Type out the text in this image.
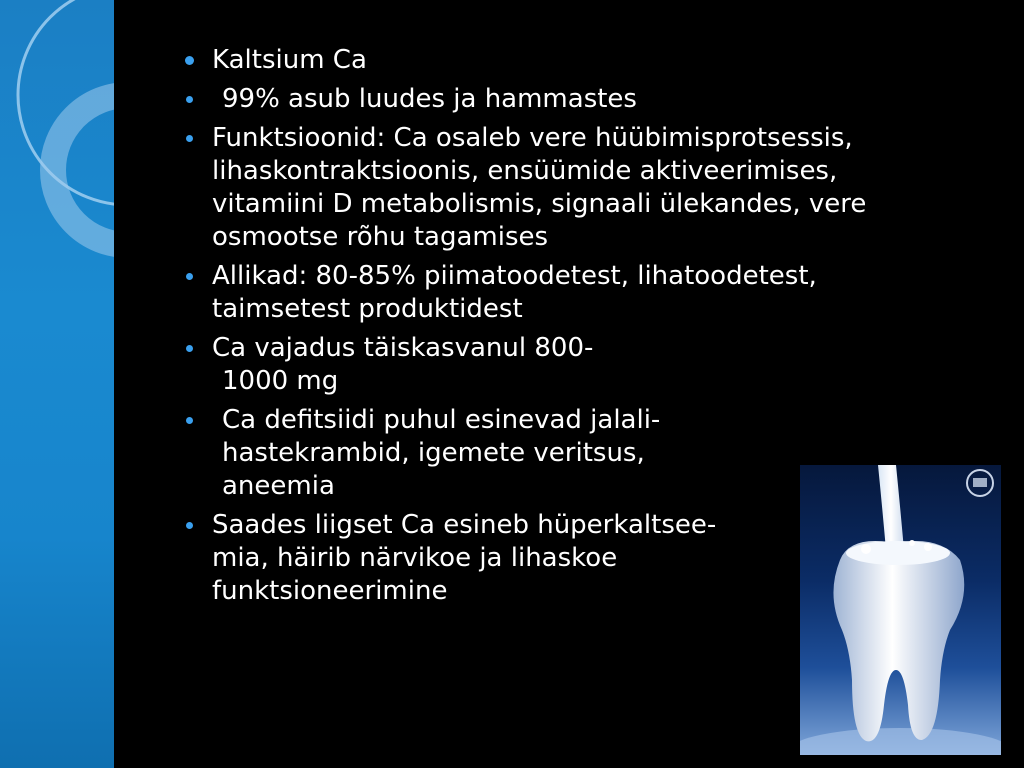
Kaltsium Ca
99% asub luudes ja hammastes
Funktsioonid: Ca osaleb vere hüübimisprotsessis,
lihaskontraktsioonis, ensüümide aktiveerimises,
vitamiini D metabolismis, signaali ülekandes, vere
osmootse rõhu tagamises
Allikad: 80-85% piimatoodetest, lihatoodetest,
taimsetest produktidest
Ca vajadus täiskasvanul 800-
1000 mg
Ca defitsiidi puhul esinevad jalali-
hastekrambid, igemete veritsus,
aneemia
Saades liigset Ca esineb hüperkaltsee-
mia, häirib närvikoe ja lihaskoe
funktsioneerimine
